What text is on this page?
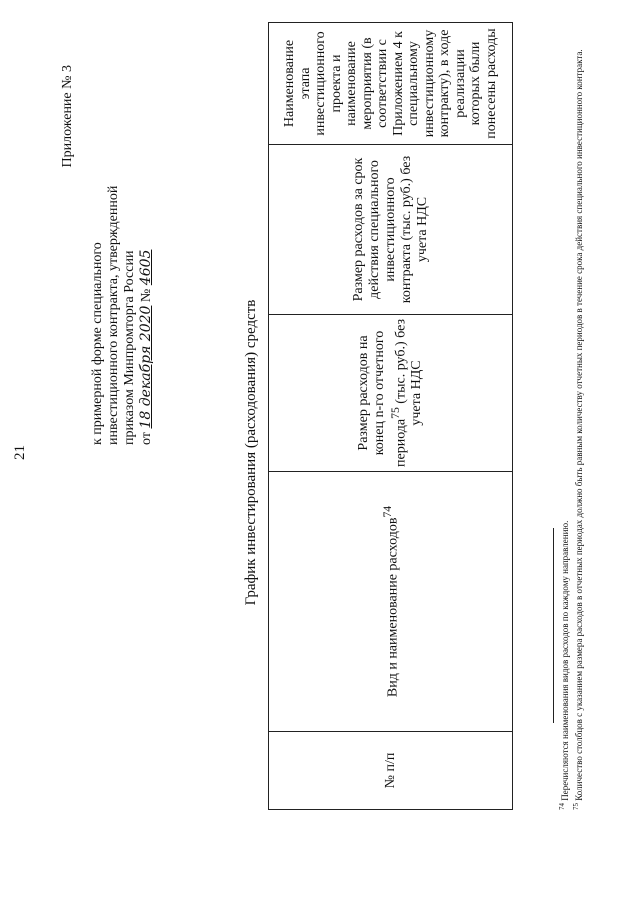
21
Приложение № 3
к примерной форме специального инвестиционного контракта, утвержденной приказом Минпромторга России от 18 декабря 2020 № 4605
График инвестирования (расходования) средств
№ п/п	Вид и наименование расходов$^{74}$	Размер расходов на конец n-го отчетного периода$^{75}$ (тыс. руб.) без учета НДС	Размер расходов за срок действия специального инвестиционного контракта (тыс. руб.) без учета НДС	Наименование этапа инвестиционного проекта и наименование мероприятия (в соответствии с Приложением 4 к специальному инвестиционному контракту), в ходе реализации которых были понесены расходы
$^{74}$ Перечисляются наименования видов расходов по каждому направлению.
$^{75}$ Количество столбцов с указанием размера расходов в отчетных периодах должно быть равным количеству отчетных периодов в течение срока действия специального инвестиционного контракта.
